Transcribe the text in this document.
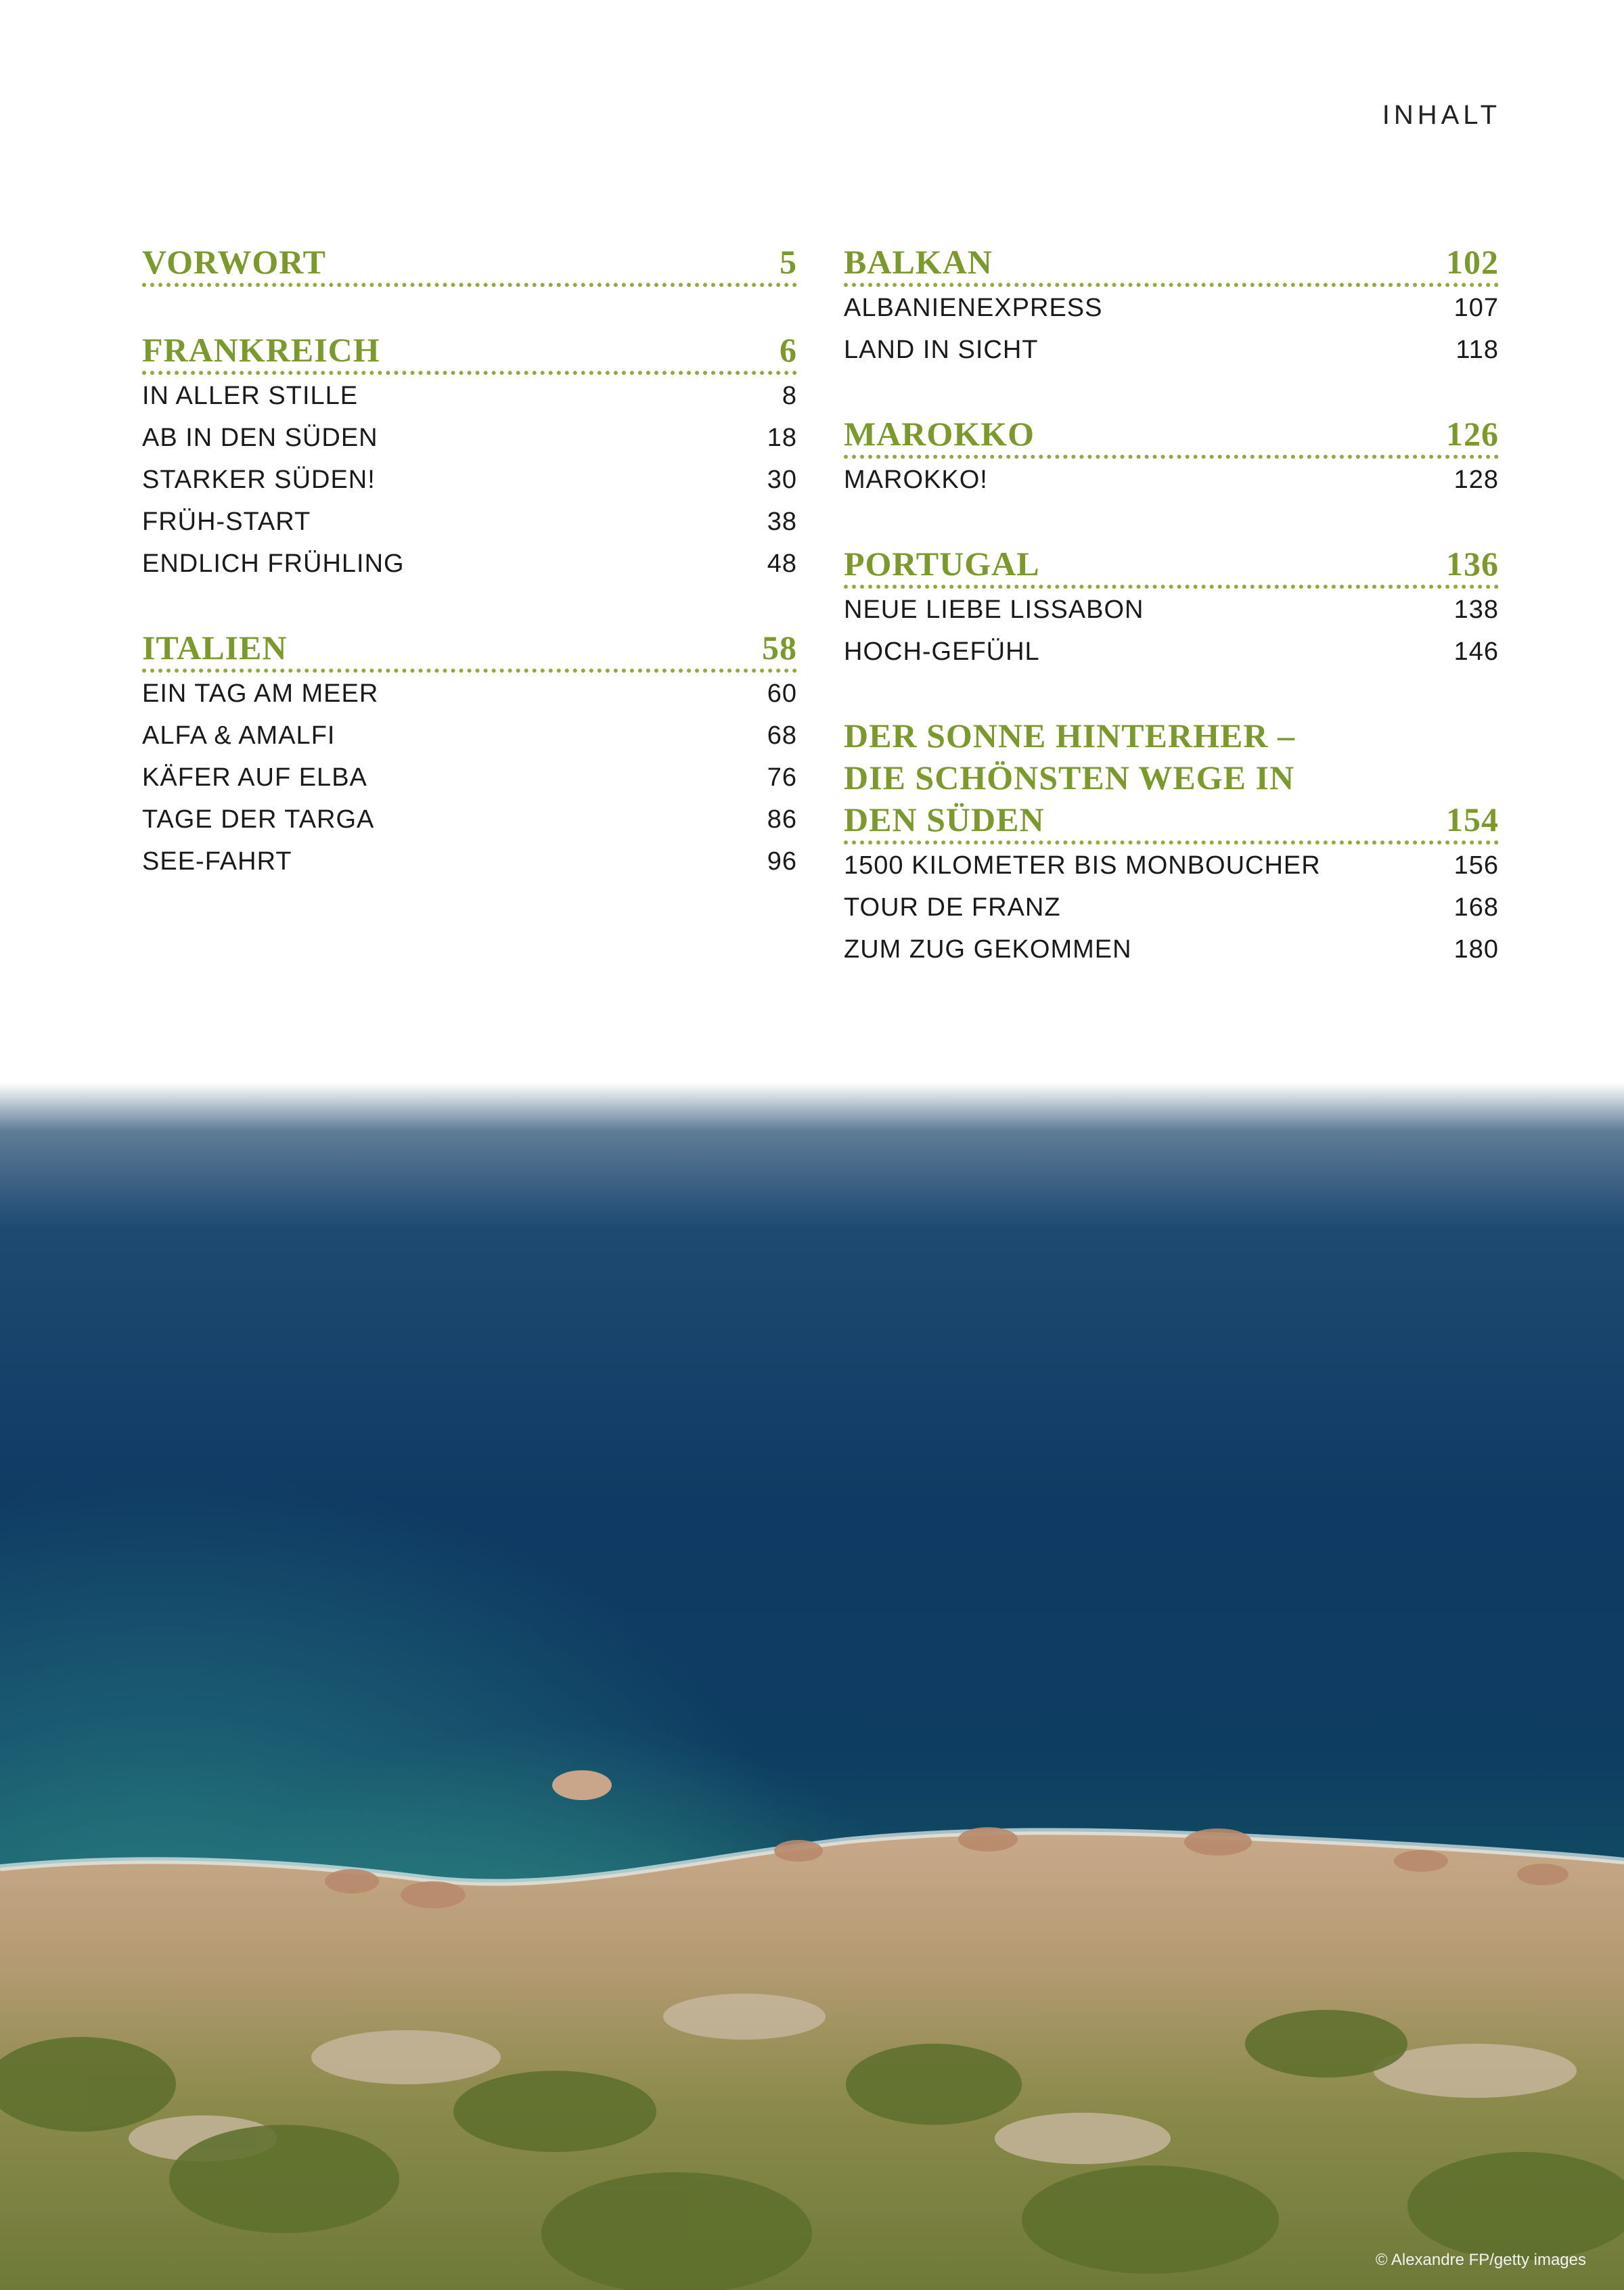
INHALT
VORWORT	5
FRANKREICH	6
IN ALLER STILLE	8
AB IN DEN SÜDEN	18
STARKER SÜDEN!	30
FRÜH-START	38
ENDLICH FRÜHLING	48
ITALIEN	58
EIN TAG AM MEER	60
ALFA & AMALFI	68
KÄFER AUF ELBA	76
TAGE DER TARGA	86
SEE-FAHRT	96
BALKAN	102
ALBANIENEXPRESS	107
LAND IN SICHT	118
MAROKKO	126
MAROKKO!	128
PORTUGAL	136
NEUE LIEBE LISSABON	138
HOCH-GEFÜHL	146
DER SONNE HINTERHER –
DIE SCHÖNSTEN WEGE IN
DEN SÜDEN	154
1500 KILOMETER BIS MONBOUCHER	156
TOUR DE FRANZ	168
ZUM ZUG GEKOMMEN	180
© Alexandre FP/getty images
